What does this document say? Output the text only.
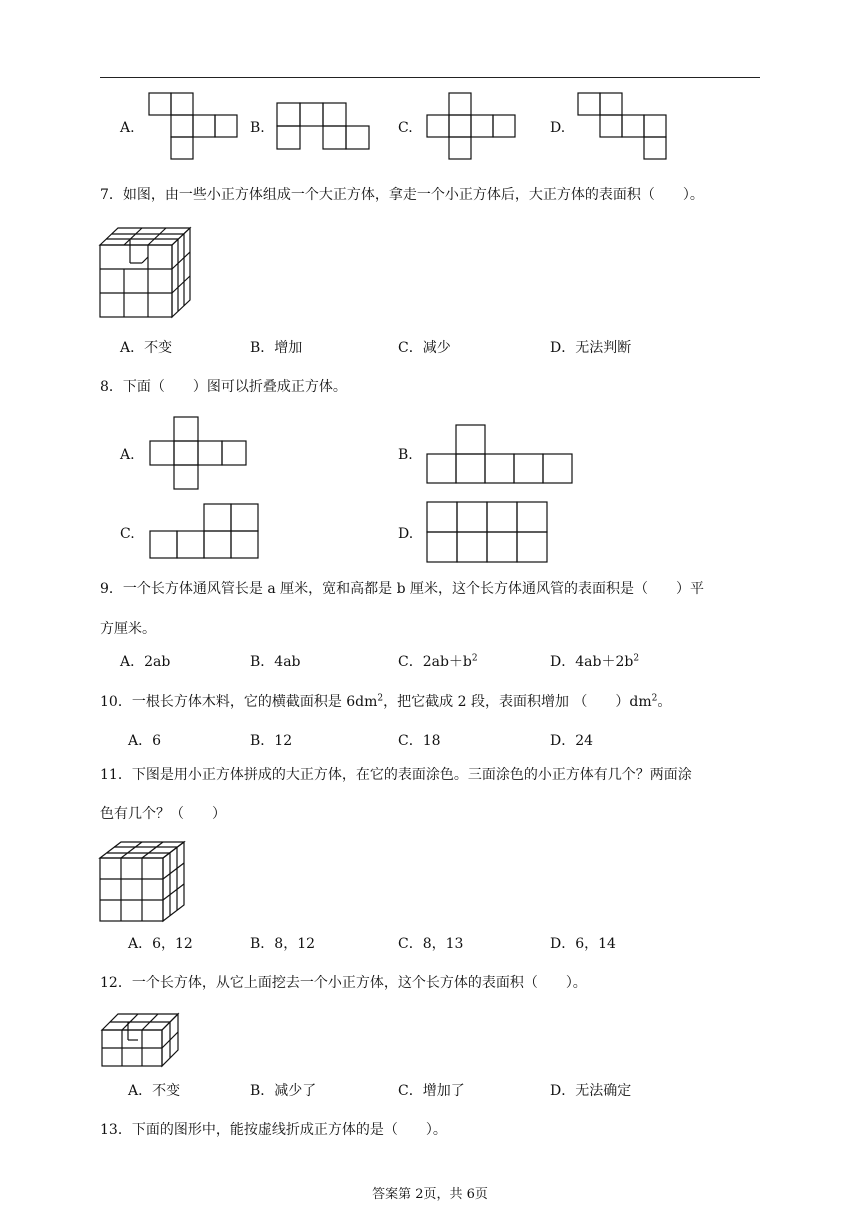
A.	B.	C.	D.
7．如图，由一些小正方体组成一个大正方体，拿走一个小正方体后，大正方体的表面积（　　）。
A．不变	B．增加	C．减少	D．无法判断
8．下面（　　）图可以折叠成正方体。
A.	B.
C.	D.
9．一个长方体通风管长是 a 厘米，宽和高都是 b 厘米，这个长方体通风管的表面积是（　　）平
方厘米。
A．2ab	B．4ab	C．$2ab+b^2$	D．$4ab+2b^2$
10．一根长方体木料，它的横截面积是 $6dm^2$，把它截成 2 段，表面积增加 （　　）$dm^2$。
A．6	B．12	C．18	D．24
11．下图是用小正方体拼成的大正方体，在它的表面涂色。三面涂色的小正方体有几个？两面涂
色有几个？（　　）
A．6，12	B．8，12	C．8，13	D．6，14
12．一个长方体，从它上面挖去一个小正方体，这个长方体的表面积（　　）。
A．不变	B．减少了	C．增加了	D．无法确定
13．下面的图形中，能按虚线折成正方体的是（　　）。
答案第 2页，共 6页
